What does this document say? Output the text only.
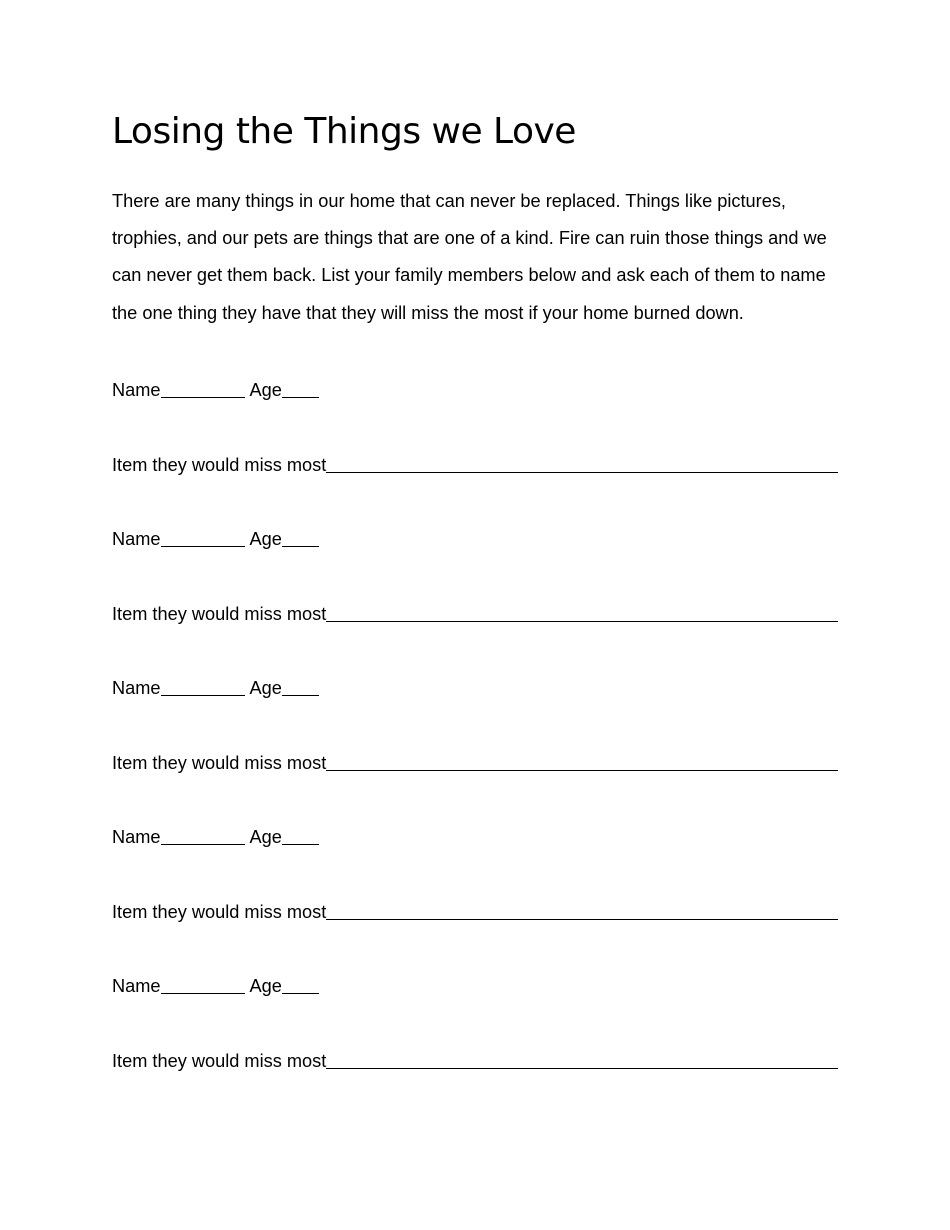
Losing the Things we Love

There are many things in our home that can never be replaced. Things like pictures, trophies, and our pets are things that are one of a kind. Fire can ruin those things and we can never get them back. List your family members below and ask each of them to name the one thing they have that they will miss the most if your home burned down.

Name	Age
Item they would miss most
Name	Age
Item they would miss most
Name	Age
Item they would miss most
Name	Age
Item they would miss most
Name	Age
Item they would miss most
